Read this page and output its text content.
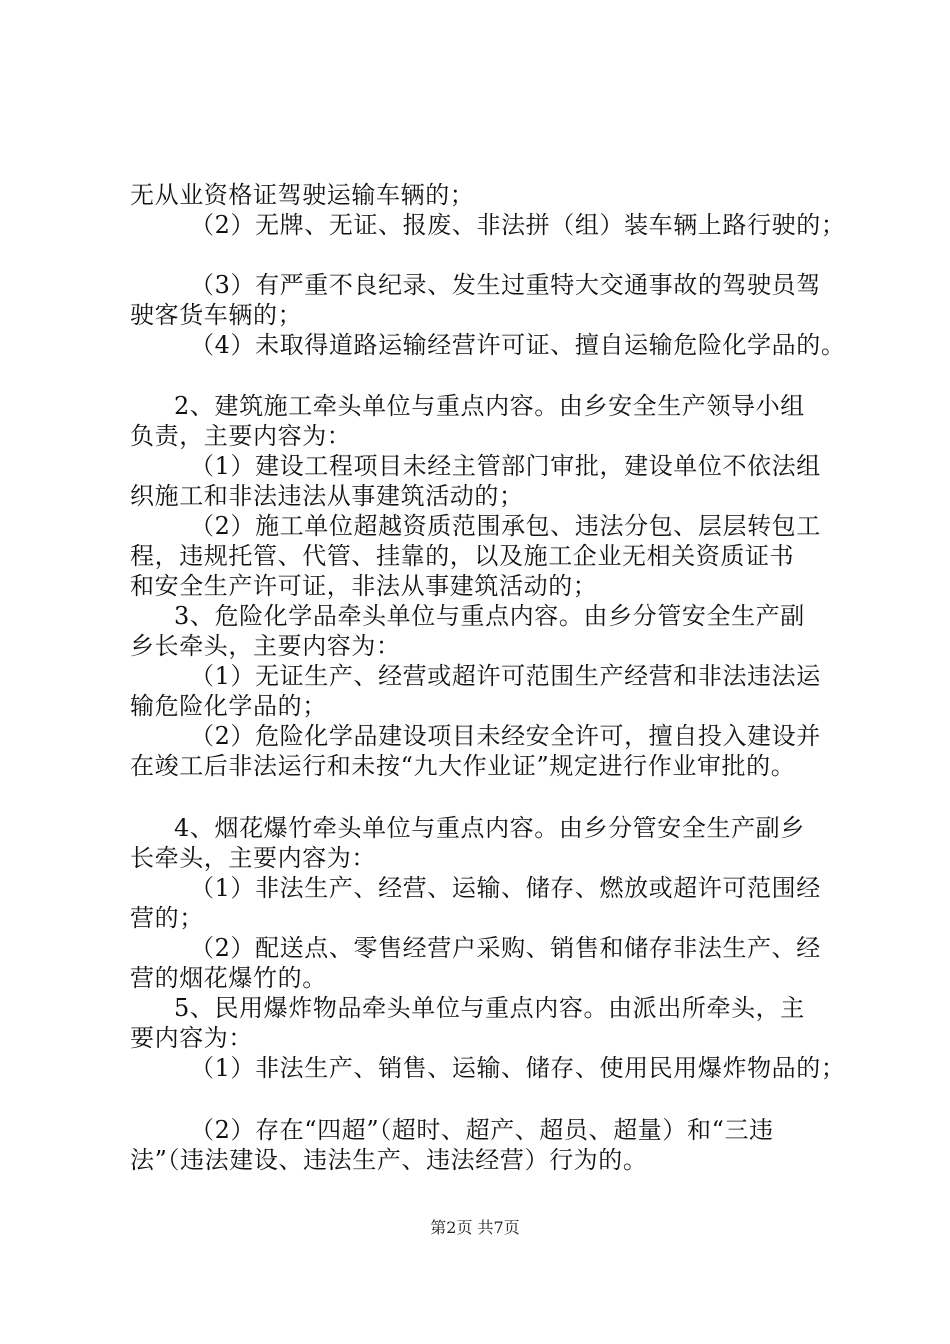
无从业资格证驾驶运输车辆的；
（2）无牌、无证、报废、非法拼（组）装车辆上路行驶的；
（3）有严重不良纪录、发生过重特大交通事故的驾驶员驾
驶客货车辆的；
（4）未取得道路运输经营许可证、擅自运输危险化学品的。
2、建筑施工牵头单位与重点内容。由乡安全生产领导小组
负责，主要内容为：
（1）建设工程项目未经主管部门审批，建设单位不依法组
织施工和非法违法从事建筑活动的；
（2）施工单位超越资质范围承包、违法分包、层层转包工
程，违规托管、代管、挂靠的，以及施工企业无相关资质证书
和安全生产许可证，非法从事建筑活动的；
3、危险化学品牵头单位与重点内容。由乡分管安全生产副
乡长牵头，主要内容为：
（1）无证生产、经营或超许可范围生产经营和非法违法运
输危险化学品的；
（2）危险化学品建设项目未经安全许可，擅自投入建设并
在竣工后非法运行和未按“九大作业证”规定进行作业审批的。
4、烟花爆竹牵头单位与重点内容。由乡分管安全生产副乡
长牵头，主要内容为：
（1）非法生产、经营、运输、储存、燃放或超许可范围经
营的；
（2）配送点、零售经营户采购、销售和储存非法生产、经
营的烟花爆竹的。
5、民用爆炸物品牵头单位与重点内容。由派出所牵头，主
要内容为：
（1）非法生产、销售、运输、储存、使用民用爆炸物品的；
（2）存在“四超”（超时、超产、超员、超量）和“三违
法”（违法建设、违法生产、违法经营）行为的。
第2页 共7页
